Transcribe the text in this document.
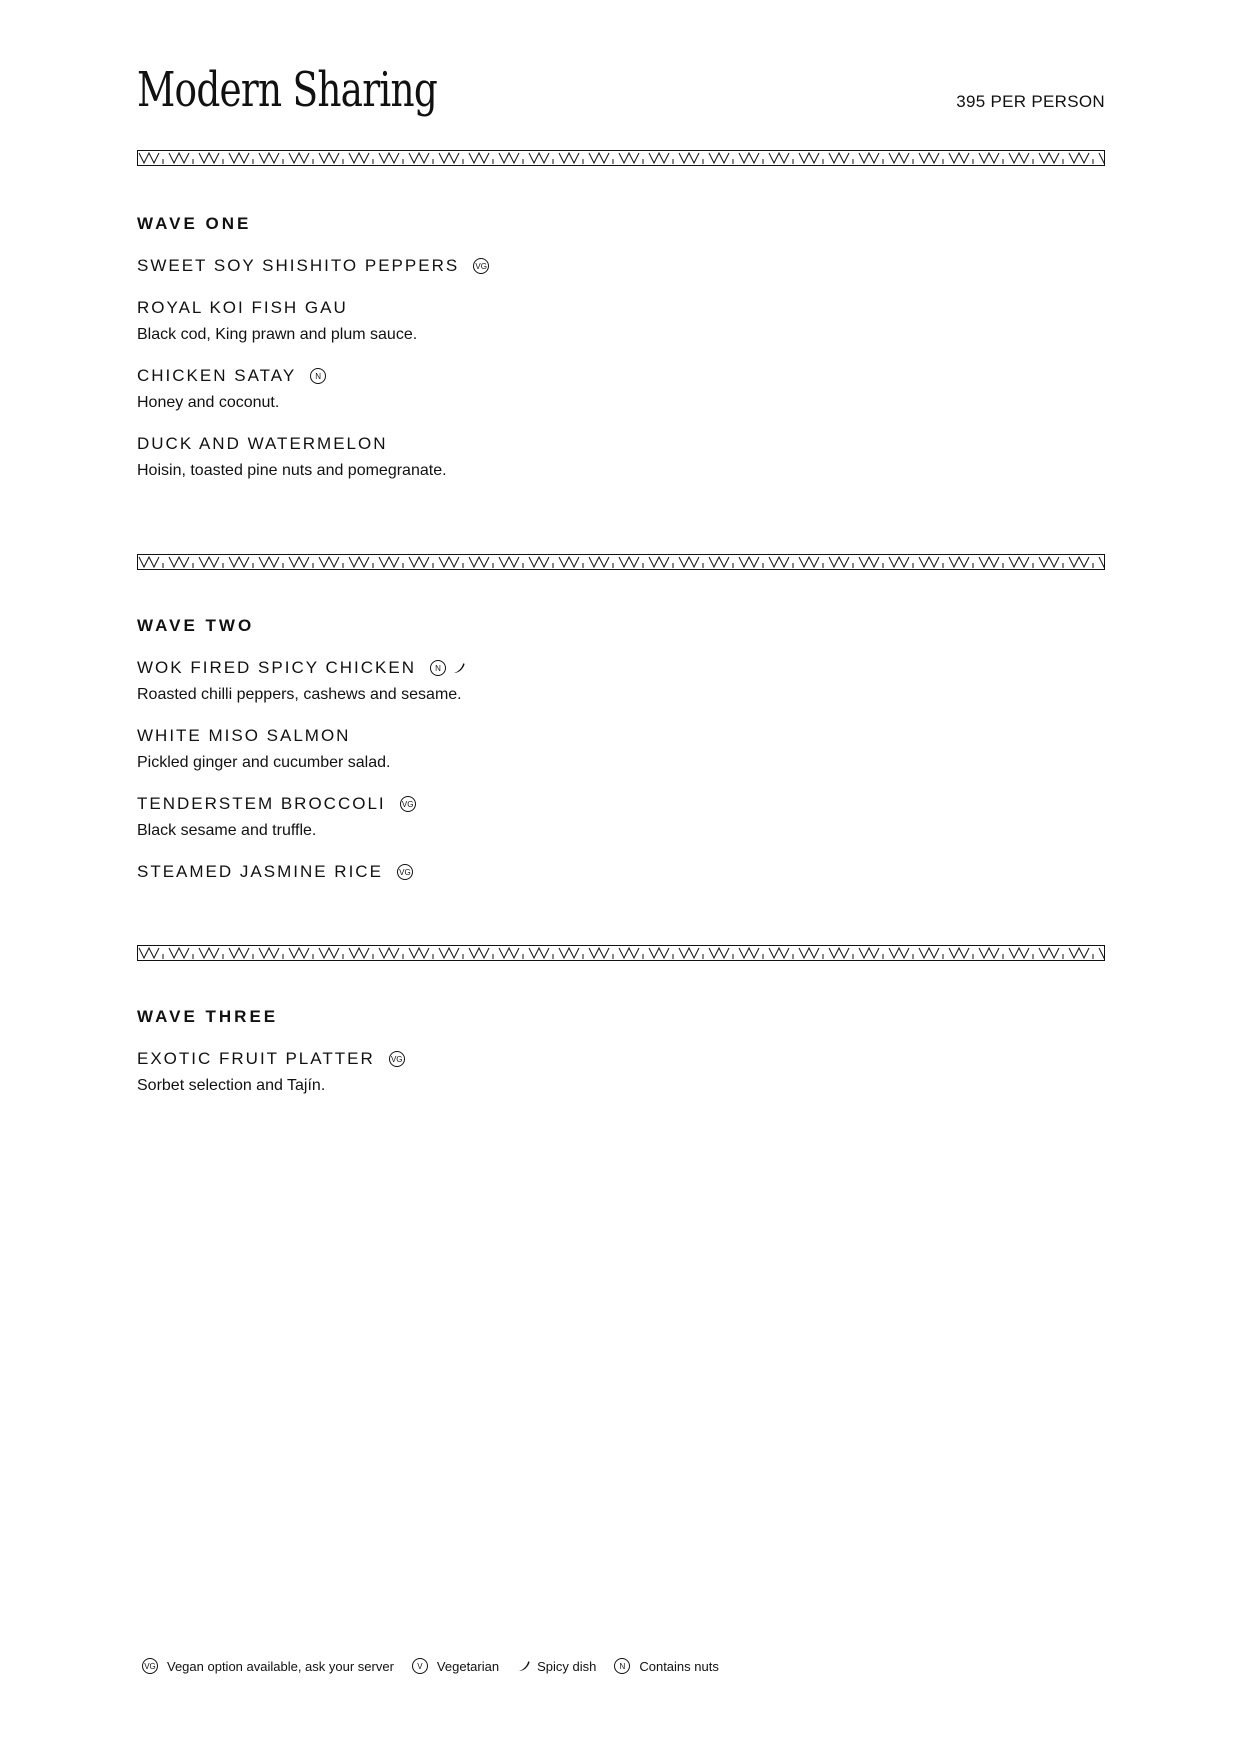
Modern Sharing	395 PER PERSON
WAVE ONE
SWEET SOY SHISHITO PEPPERS VG
ROYAL KOI FISH GAU
Black cod, King prawn and plum sauce.
CHICKEN SATAY	N
Honey and coconut.
DUCK AND WATERMELON
Hoisin, toasted pine nuts and pomegranate.
WAVE TWO
WOK FIRED SPICY CHICKEN	N
Roasted chilli peppers, cashews and sesame.
WHITE MISO SALMON
Pickled ginger and cucumber salad.
TENDERSTEM BROCCOLI VG
Black sesame and truffle.
STEAMED JASMINE RICE VG
WAVE THREE
EXOTIC FRUIT PLATTER VG
Sorbet selection and Tajín.
VG Vegan option available, ask your server	V	Vegetarian	Spicy dish	N	Contains nuts
